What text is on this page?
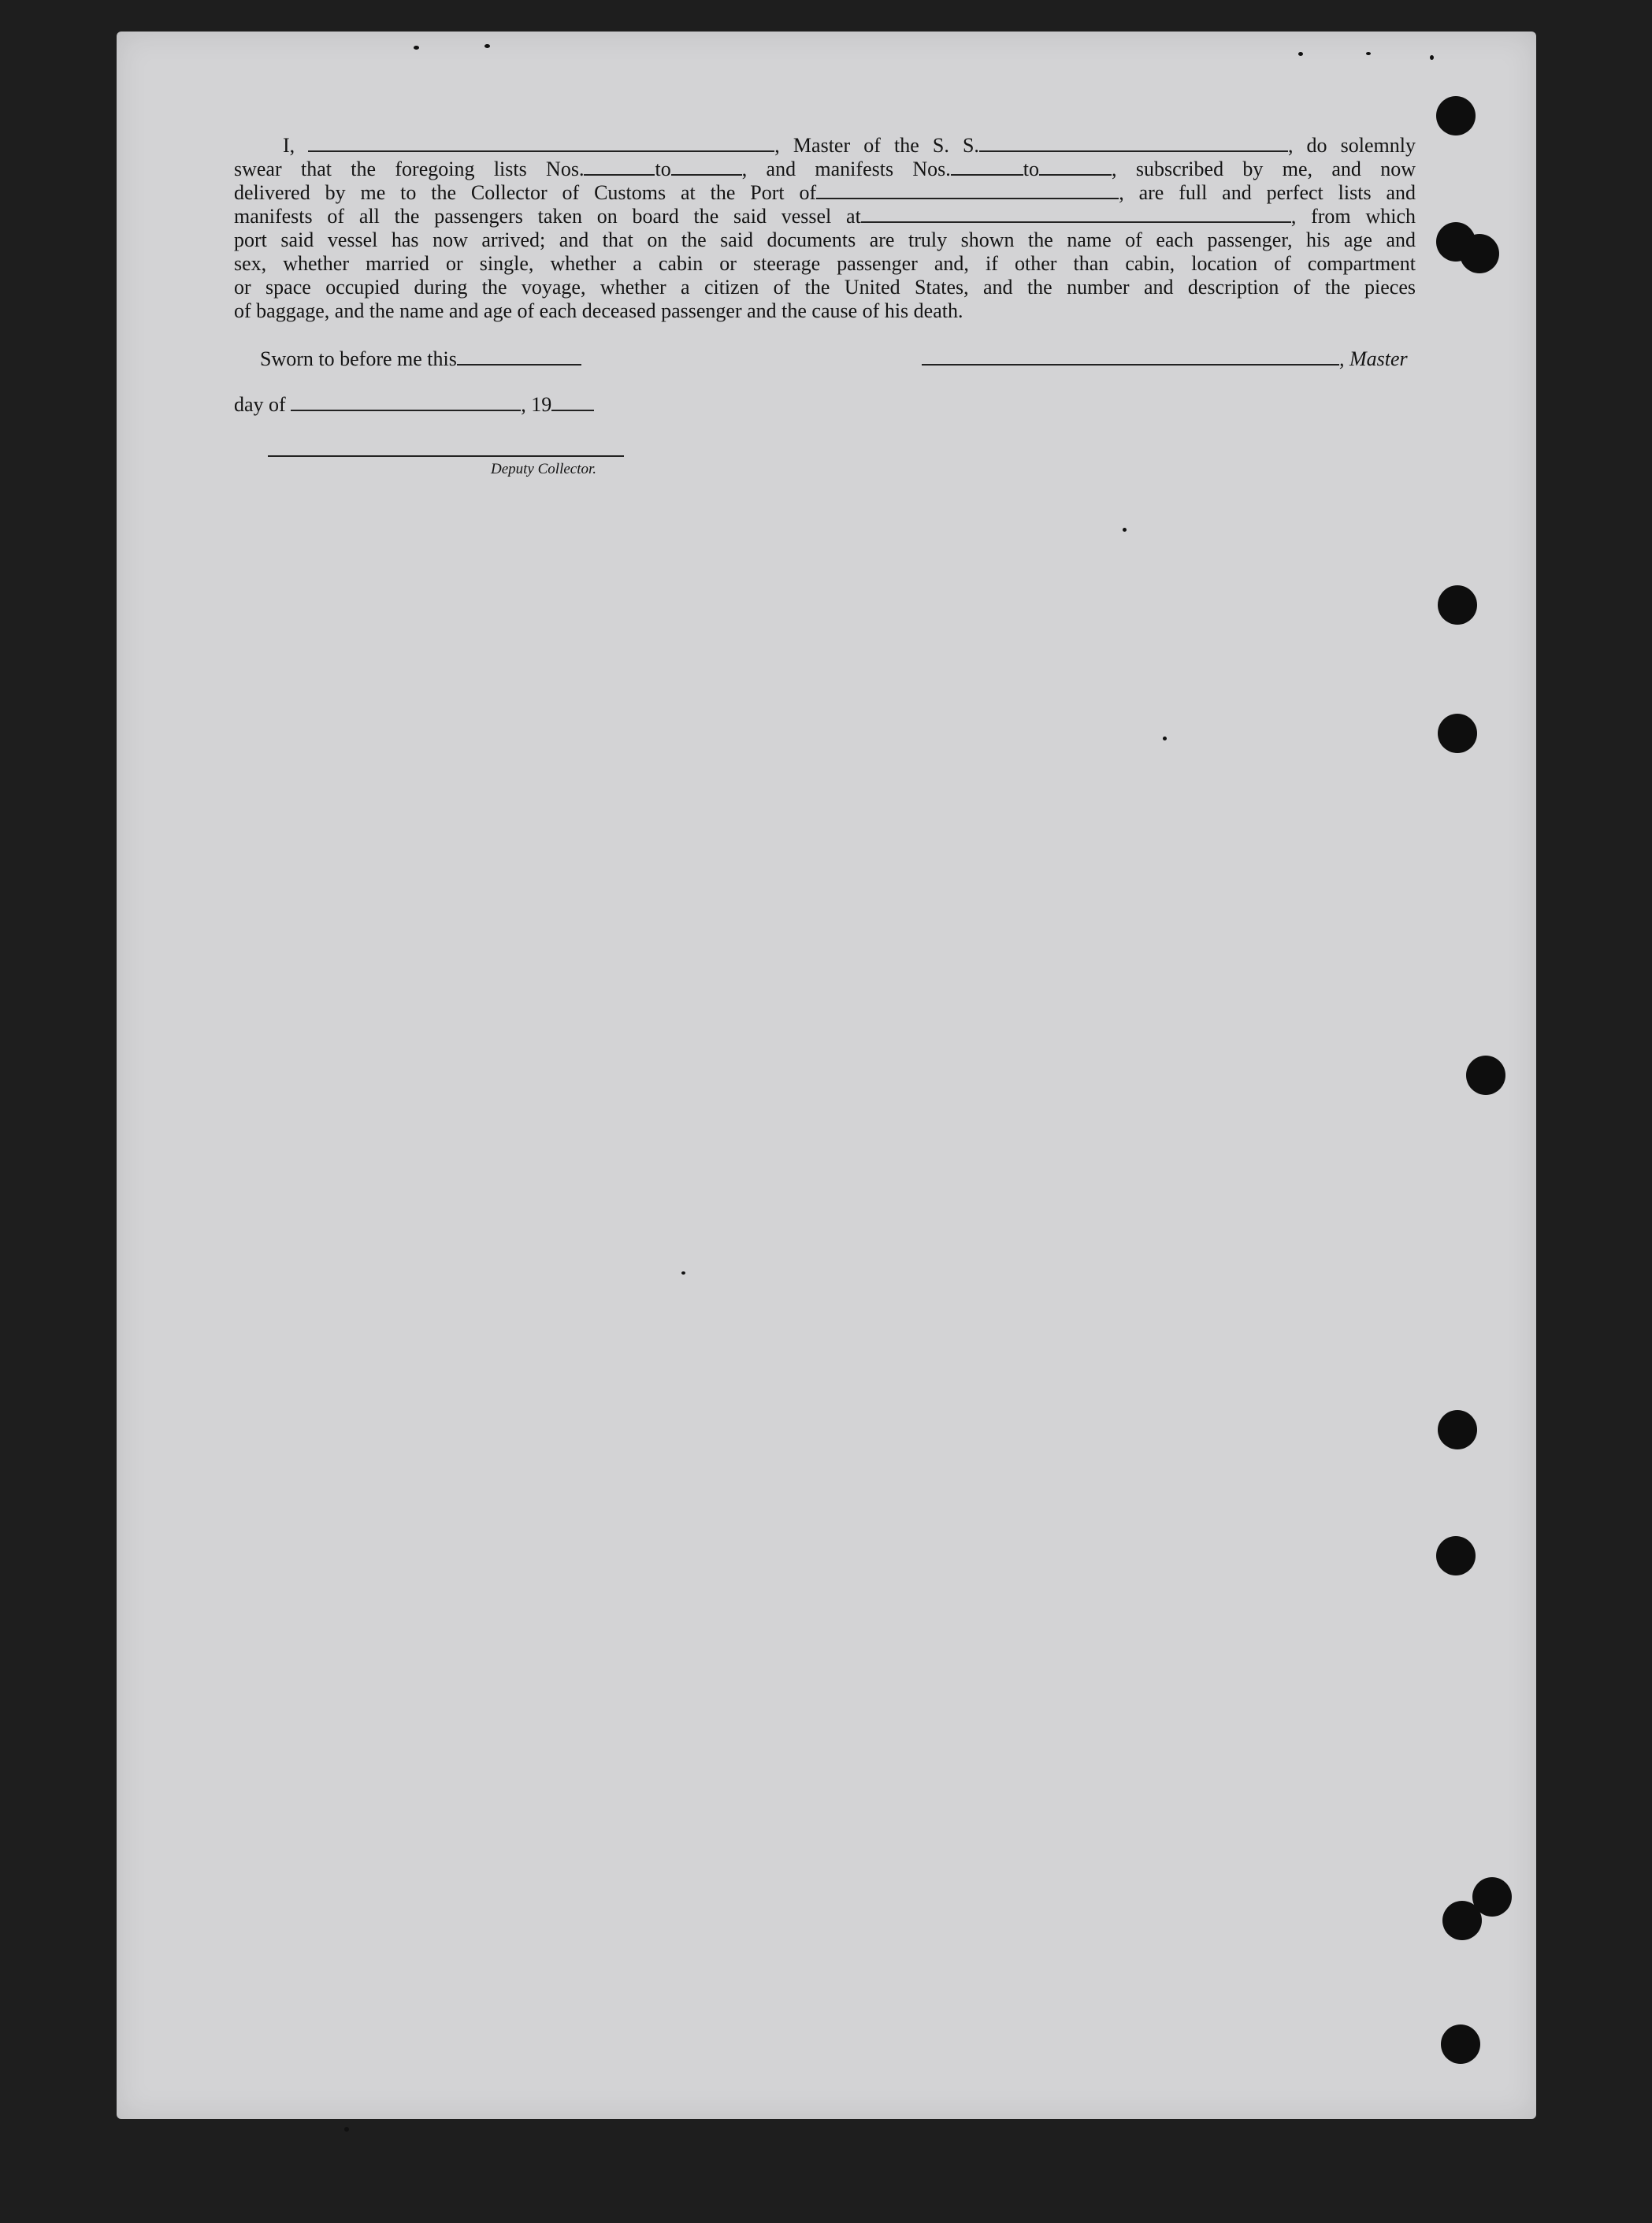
I,	, Master of the S. S.	, do solemnly

swear that the foregoing lists Nos.	to	, and manifests Nos.	to	, subscribed by me, and now

delivered by me to the Collector of Customs at the Port of	, are full and perfect lists and

manifests of all the passengers taken on board the said vessel at	, from which

port said vessel has now arrived; and that on the said documents are truly shown the name of each passenger, his age and

sex, whether married or single, whether a cabin or steerage passenger and, if other than cabin, location of compartment

or space occupied during the voyage, whether a citizen of the United States, and the number and description of the pieces

of baggage, and the name and age of each deceased passenger and the cause of his death.

Sworn to before me this	, Master
day of	, 19
Deputy Collector.
